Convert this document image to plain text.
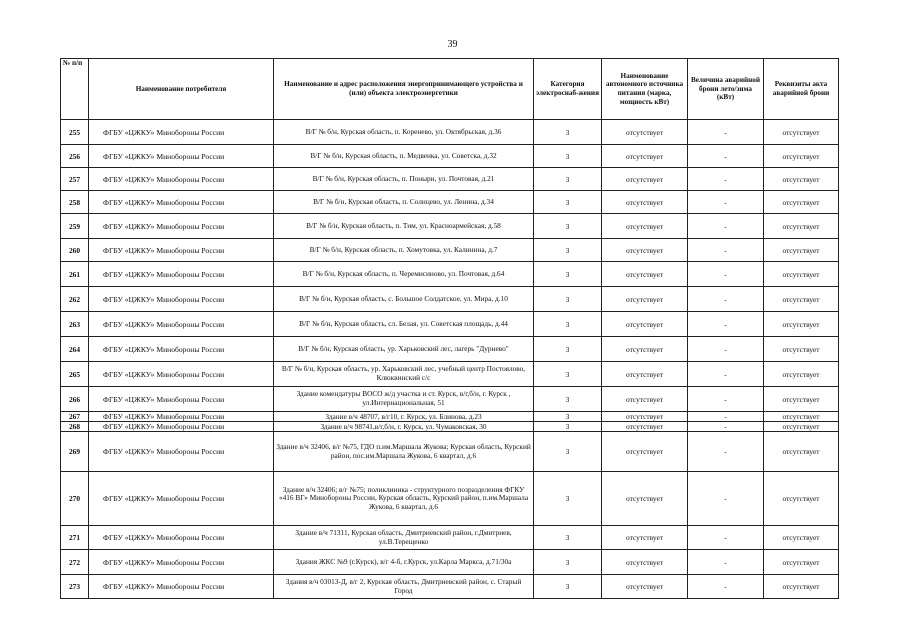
39
№ п/п	Наименование потребителя	Наименование и адрес расположения энергопринимающего устройства и (или) объекта электроэнергетики	Категория электроснаб-жения	Наименование автономного источника питания (марка, мощность кВт)	Величина аварийной брони лето/зима (кВт)	Реквизиты акта аварийной брони
255	ФГБУ «ЦЖКУ» Минобороны России	В/Г № б/н, Курская область, п. Коренево, ул. Октябрьская, д.36	3	отсутствует	-	отсутствует
256	ФГБУ «ЦЖКУ» Минобороны России	В/Г № б/н, Курская область, п. Медвенка, ул. Советска, д.32	3	отсутствует	-	отсутствует
257	ФГБУ «ЦЖКУ» Минобороны России	В/Г № б/н, Курская область, п. Поныри, ул. Почтовая, д.21	3	отсутствует	-	отсутствует
258	ФГБУ «ЦЖКУ» Минобороны России	В/Г № б/н, Курская область, п. Солнцево, ул. Ленина, д.34	3	отсутствует	-	отсутствует
259	ФГБУ «ЦЖКУ» Минобороны России	В/Г № б/н, Курская область, п. Тим, ул. Красноармейская, д.58	3	отсутствует	-	отсутствует
260	ФГБУ «ЦЖКУ» Минобороны России	В/Г № б/н, Курская область, п. Хомутовка, ул. Калинина, д.7	3	отсутствует	-	отсутствует
261	ФГБУ «ЦЖКУ» Минобороны России	В/Г № б/н, Курская область, п. Черемисиново, ул. Почтовая, д.64	3	отсутствует	-	отсутствует
262	ФГБУ «ЦЖКУ» Минобороны России	В/Г № б/н, Курская область, с. Большое Солдатское, ул. Мира, д.10	3	отсутствует	-	отсутствует
263	ФГБУ «ЦЖКУ» Минобороны России	В/Г № б/н, Курская область, сл. Белая, ул. Советская площадь, д.44	3	отсутствует	-	отсутствует
264	ФГБУ «ЦЖКУ» Минобороны России	В/Г № б/н, Курская область, ур. Харьковский лес, лагерь "Дурнево"	3	отсутствует	-	отсутствует
265	ФГБУ «ЦЖКУ» Минобороны России	В/Г № б/н, Курская область, ур. Харьковский лес, учебный центр Постоялово, Клюквинский с/с	3	отсутствует	-	отсутствует
266	ФГБУ «ЦЖКУ» Минобороны России	Здание комендатуры ВОСО ж/д участка и ст. Курск, в/г,б/н, г. Курск , ул.Интернациональная, 51	3	отсутствует	-	отсутствует
267	ФГБУ «ЦЖКУ» Минобороны России	Здание в/ч 48707, в/г10, г. Курск, ул. Блинова, д.23	3	отсутствует	-	отсутствует
268	ФГБУ «ЦЖКУ» Минобороны России	Здание в/ч 98741,в/г,б/н, г. Курск, ул. Чумаковская, 30	3	отсутствует	-	отсутствует
269	ФГБУ «ЦЖКУ» Минобороны России	Здание в/ч 32406, в/г №75, ГДО п.им.Маршала Жукова; Курская область, Курский район, пос.им.Маршала Жукова, 6 квартал, д.6	3	отсутствует	-	отсутствует
270	ФГБУ «ЦЖКУ» Минобороны России	Здание в/ч 32406; в/г №75; поликлиника - структурного позразделения ФГКУ «416 ВГ» Минобороны России, Курская область, Курский район, п.им.Маршала Жукова, 6 квартал, д.6	3	отсутствует	-	отсутствует
271	ФГБУ «ЦЖКУ» Минобороны России	Здание в/ч 71311, Курская область, Дмитриевский район, г.Дмитриев, ул.В.Терещенко	3	отсутствует	-	отсутствует
272	ФГБУ «ЦЖКУ» Минобороны России	Здания ЖКС №9 (г.Курск), в/г 4-б, г.Курск, ул.Карла Маркса, д.71/30а	3	отсутствует	-	отсутствует
273	ФГБУ «ЦЖКУ» Минобороны России	Здания в/ч 03013-Д, в/г 2, Курская область, Дмитриевский район, с. Старый Город	3	отсутствует	-	отсутствует
